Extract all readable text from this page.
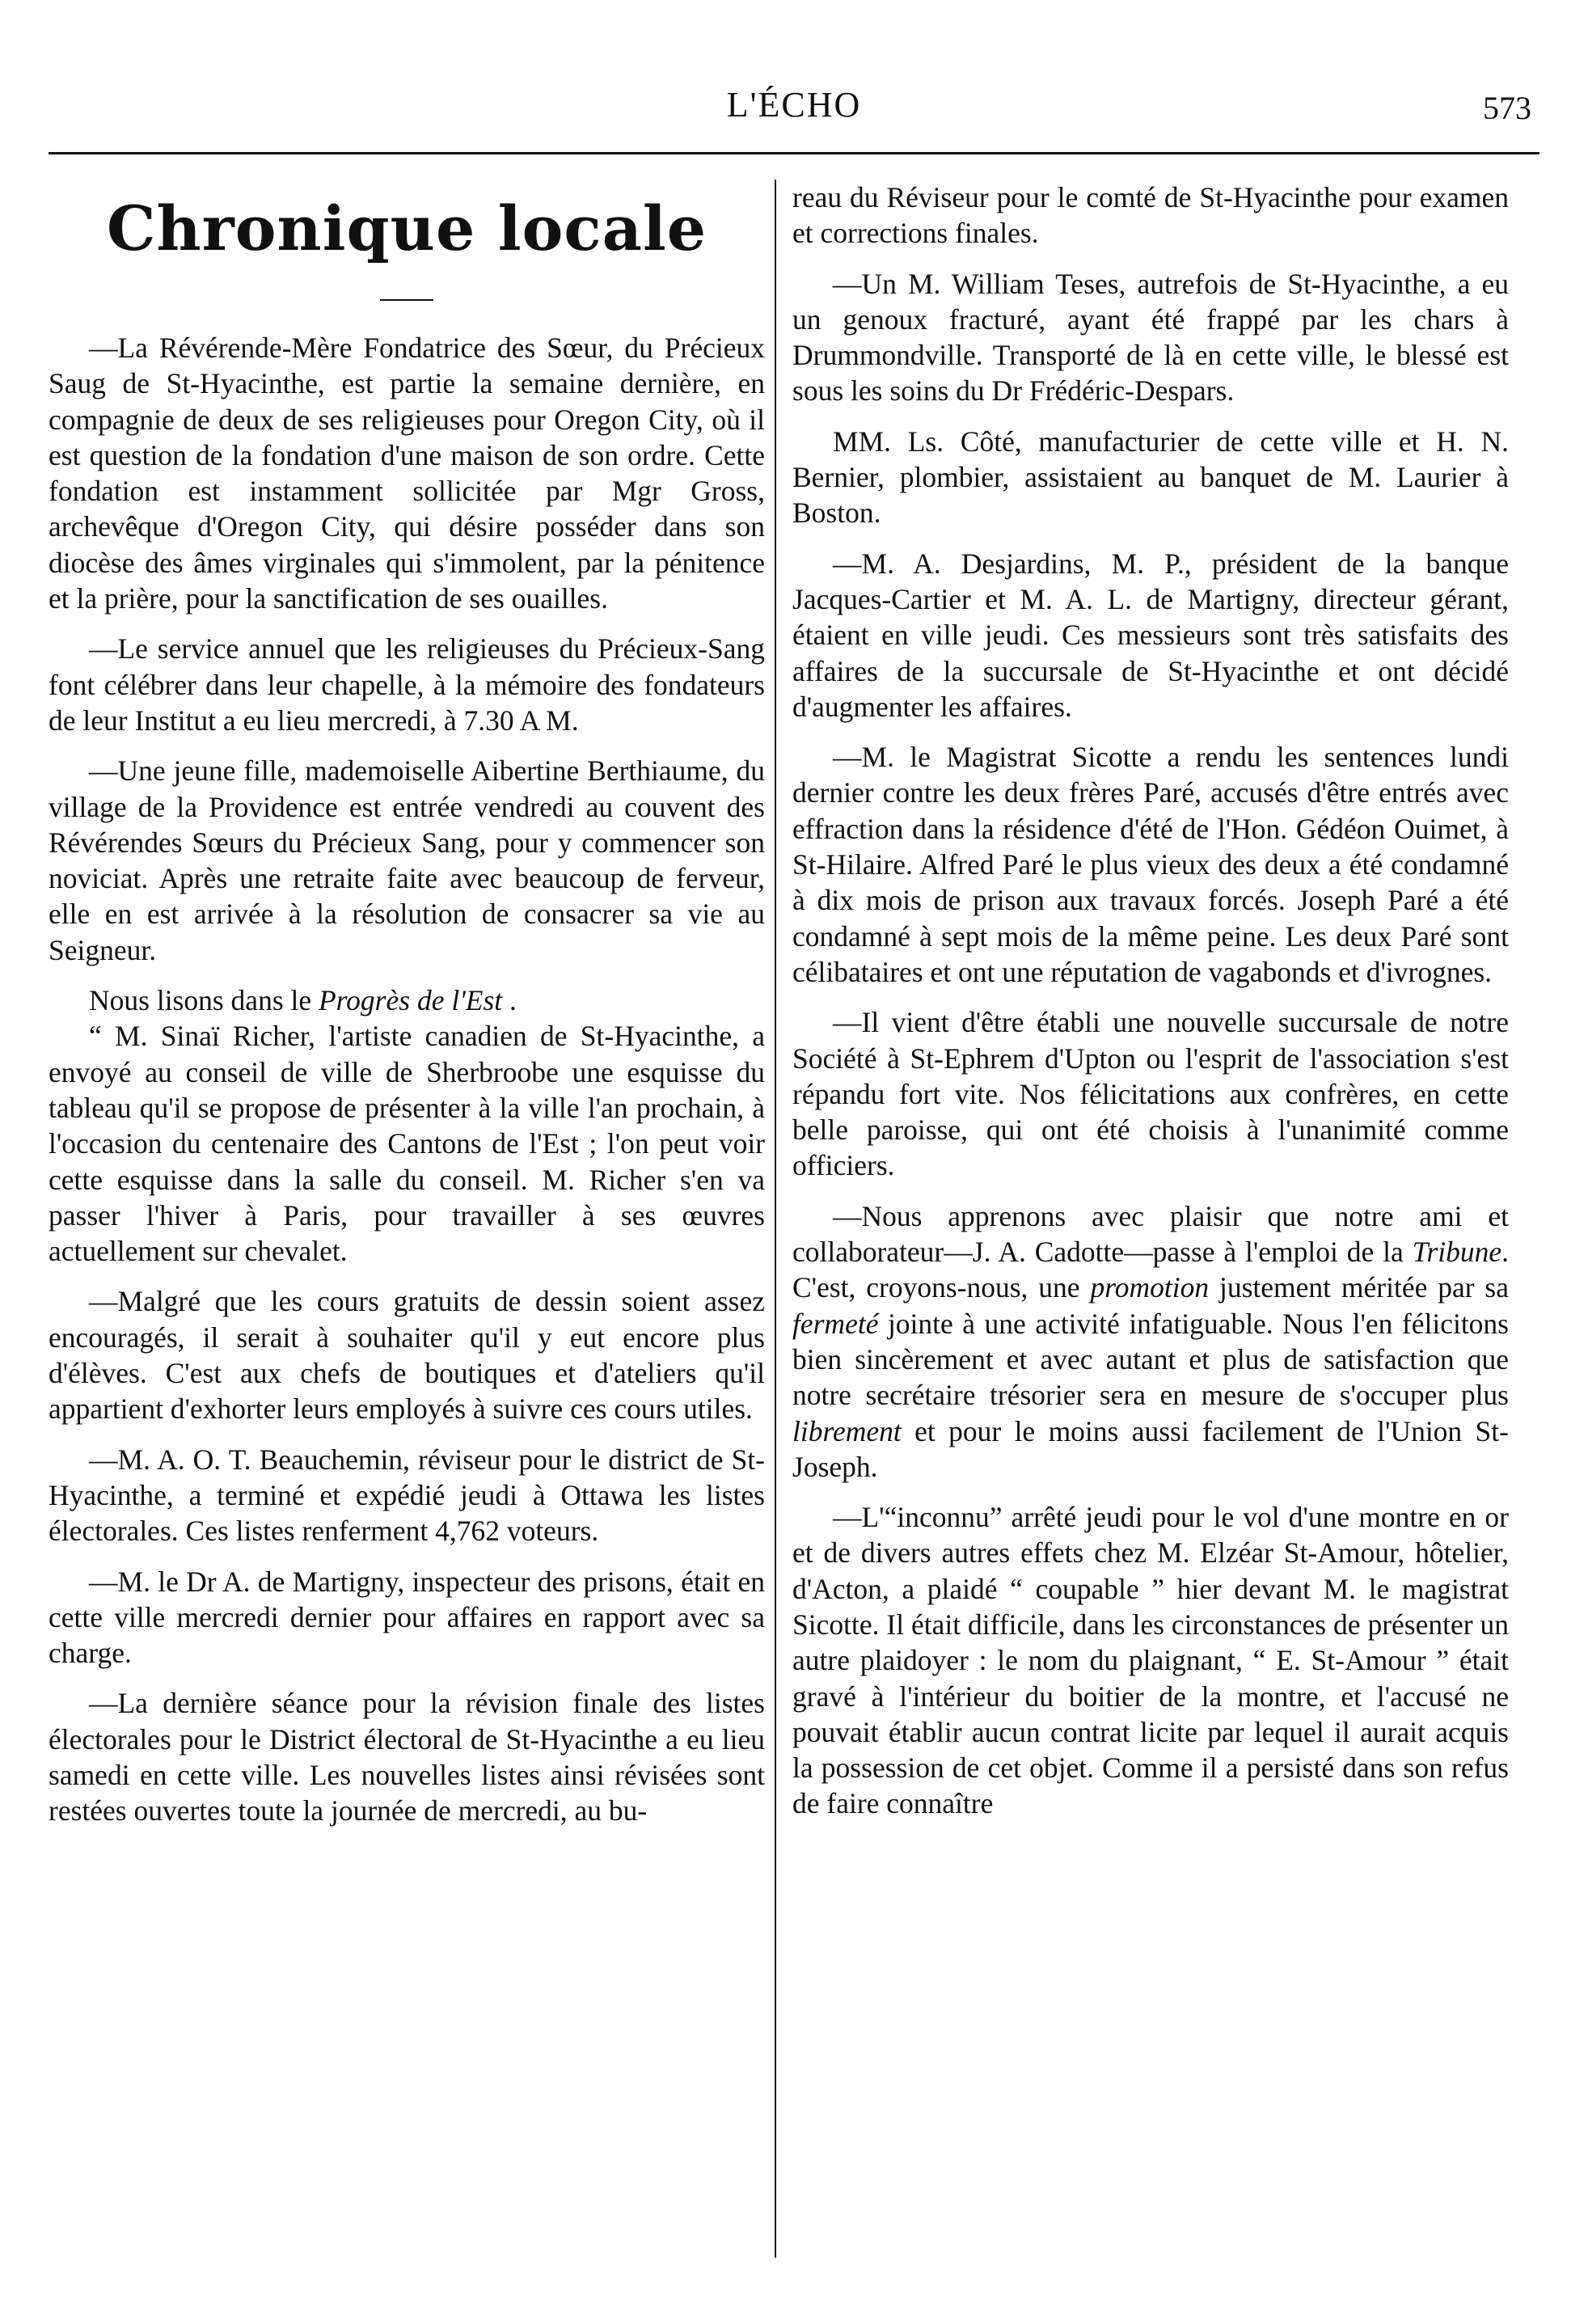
L'ÉCHO	573
Chronique locale

—La Révérende-Mère Fondatrice des Sœur, du Précieux Saug de St-Hyacinthe, est partie la semaine dernière, en compagnie de deux de ses religieuses pour Oregon City, où il est question de la fondation d'une maison de son ordre. Cette fondation est instamment sollicitée par Mgr Gross, archevêque d'Oregon City, qui désire posséder dans son diocèse des âmes virginales qui s'immolent, par la pénitence et la prière, pour la sanctification de ses ouailles.

—Le service annuel que les religieuses du Précieux-Sang font célébrer dans leur chapelle, à la mémoire des fondateurs de leur Institut a eu lieu mercredi, à 7.30 A M.

—Une jeune fille, mademoiselle Aibertine Berthiaume, du village de la Providence est entrée vendredi au couvent des Révérendes Sœurs du Précieux Sang, pour y commencer son noviciat. Après une retraite faite avec beaucoup de ferveur, elle en est arrivée à la résolution de consacrer sa vie au Seigneur.

Nous lisons dans le Progrès de l'Est .

“ M. Sinaï Richer, l'artiste canadien de St-Hyacinthe, a envoyé au conseil de ville de Sherbroobe une esquisse du tableau qu'il se propose de présenter à la ville l'an prochain, à l'occasion du centenaire des Cantons de l'Est ; l'on peut voir cette esquisse dans la salle du conseil. M. Richer s'en va passer l'hiver à Paris, pour travailler à ses œuvres actuellement sur chevalet.

—Malgré que les cours gratuits de dessin soient assez encouragés, il serait à souhaiter qu'il y eut encore plus d'élèves. C'est aux chefs de boutiques et d'ateliers qu'il appartient d'exhorter leurs employés à suivre ces cours utiles.

—M. A. O. T. Beauchemin, réviseur pour le district de St-Hyacinthe, a terminé et expédié jeudi à Ottawa les listes électorales. Ces listes renferment 4,762 voteurs.

—M. le Dr A. de Martigny, inspecteur des prisons, était en cette ville mercredi dernier pour affaires en rapport avec sa charge.

—La dernière séance pour la révision finale des listes électorales pour le District électoral de St-Hyacinthe a eu lieu samedi en cette ville. Les nouvelles listes ainsi révisées sont restées ouvertes toute la journée de mercredi, au bu-

reau du Réviseur pour le comté de St-Hyacinthe pour examen et corrections finales.

—Un M. William Teses, autrefois de St-Hyacinthe, a eu un genoux fracturé, ayant été frappé par les chars à Drummondville. Transporté de là en cette ville, le blessé est sous les soins du Dr Frédéric-Despars.

MM. Ls. Côté, manufacturier de cette ville et H. N. Bernier, plombier, assistaient au banquet de M. Laurier à Boston.

—M. A. Desjardins, M. P., président de la banque Jacques-Cartier et M. A. L. de Martigny, directeur gérant, étaient en ville jeudi. Ces messieurs sont très satisfaits des affaires de la succursale de St-Hyacinthe et ont décidé d'augmenter les affaires.

—M. le Magistrat Sicotte a rendu les sentences lundi dernier contre les deux frères Paré, accusés d'être entrés avec effraction dans la résidence d'été de l'Hon. Gédéon Ouimet, à St-Hilaire. Alfred Paré le plus vieux des deux a été condamné à dix mois de prison aux travaux forcés. Joseph Paré a été condamné à sept mois de la même peine. Les deux Paré sont célibataires et ont une réputation de vagabonds et d'ivrognes.

—Il vient d'être établi une nouvelle succursale de notre Société à St-Ephrem d'Upton ou l'esprit de l'association s'est répandu fort vite. Nos félicitations aux confrères, en cette belle paroisse, qui ont été choisis à l'unanimité comme officiers.

—Nous apprenons avec plaisir que notre ami et collaborateur—J. A. Cadotte—passe à l'emploi de la Tribune. C'est, croyons-nous, une promotion justement méritée par sa fermeté jointe à une activité infatiguable. Nous l'en félicitons bien sincèrement et avec autant et plus de satisfaction que notre secrétaire trésorier sera en mesure de s'occuper plus librement et pour le moins aussi facilement de l'Union St-Joseph.

—L'“inconnu” arrêté jeudi pour le vol d'une montre en or et de divers autres effets chez M. Elzéar St-Amour, hôtelier, d'Acton, a plaidé “ coupable ” hier devant M. le magistrat Sicotte. Il était difficile, dans les circonstances de présenter un autre plaidoyer : le nom du plaignant, “ E. St-Amour ” était gravé à l'intérieur du boitier de la montre, et l'accusé ne pouvait établir aucun contrat licite par lequel il aurait acquis la possession de cet objet. Comme il a persisté dans son refus de faire connaître
